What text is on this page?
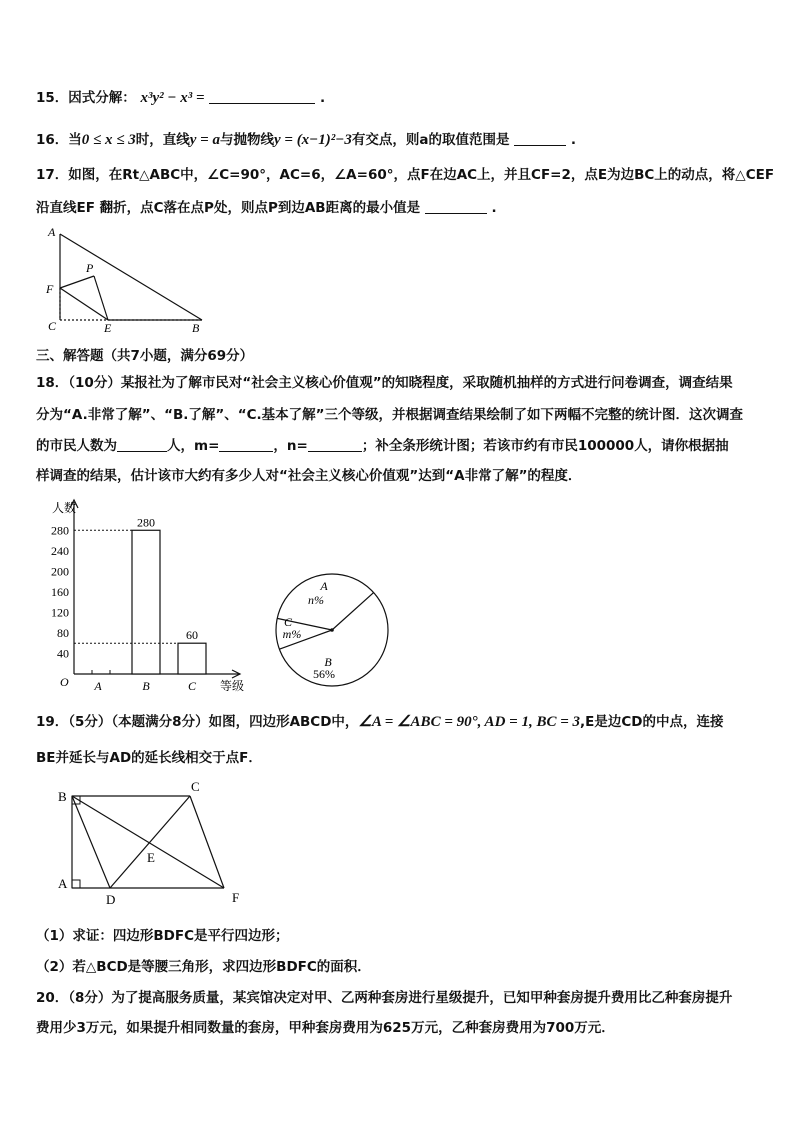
15．因式分解： x³y² − x³ =	.
16．当0 ≤ x ≤ 3时，直线y = a与抛物线y = (x−1)²−3有交点，则a的取值范围是	.
17．如图，在Rt△ABC中，∠C=90°，AC=6，∠A=60°，点F在边AC上，并且CF=2，点E为边BC上的动点，将△CEF
沿直线EF 翻折，点C落在点P处，则点P到边AB距离的最小值是	.
A
P
F
C	E	B
三、解答题（共7小题，满分69分）
18．（10分）某报社为了解市民对“社会主义核心价值观”的知晓程度，采取随机抽样的方式进行问卷调查，调查结果
分为“A.非常了解”、“B.了解”、“C.基本了解”三个等级，并根据调查结果绘制了如下两幅不完整的统计图．这次调查
的市民人数为	人，m=	，n=	；补全条形统计图；若该市约有市民100000人，请你根据抽
样调查的结果，估计该市大约有多少人对“社会主义核心价值观”达到“A非常了解”的程度．
人数
等级
O
40
80
120
160
200
240
280
A	B
280
C
60
A
n%
C
m%
B
56%
19．（5分）（本题满分8分）如图，四边形ABCD中，∠A = ∠ABC = 90°, AD = 1, BC = 3,E是边CD的中点，连接
BE并延长与AD的延长线相交于点F．
B
C
E
A
D	F
（1）求证：四边形BDFC是平行四边形；
（2）若△BCD是等腰三角形，求四边形BDFC的面积．
20．（8分）为了提高服务质量，某宾馆决定对甲、乙两种套房进行星级提升，已知甲种套房提升费用比乙种套房提升
费用少3万元，如果提升相同数量的套房，甲种套房费用为625万元，乙种套房费用为700万元．
